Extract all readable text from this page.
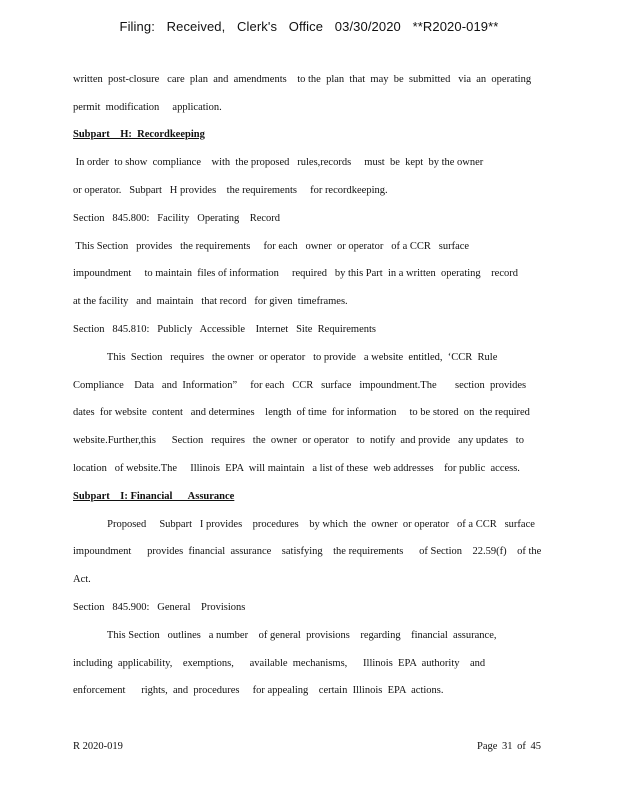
Filing: Received, Clerk's Office 03/30/2020 **R2020-019**
written  post-closure   care  plan  and  amendments    to the  plan  that  may  be  submitted   via  an  operating
permit  modification     application.
Subpart    H:  Recordkeeping
In order  to show  compliance    with  the proposed   rules,records     must  be  kept  by the owner
or operator.   Subpart   H provides    the requirements     for recordkeeping.
Section   845.800:   Facility   Operating    Record
This Section   provides   the requirements     for each   owner  or operator   of a CCR   surface
impoundment     to maintain  files of information     required   by this Part  in a written  operating    record
at the facility   and  maintain   that record   for given  timeframes.
Section   845.810:   Publicly   Accessible    Internet   Site  Requirements
This  Section   requires   the owner  or operator   to provide   a website  entitled,  ‘CCR  Rule
Compliance    Data   and  Information”     for each   CCR   surface   impoundment.The       section  provides
dates  for website  content   and determines    length  of time  for information     to be stored  on  the required
website.Further,this      Section   requires   the  owner  or operator   to  notify  and provide   any updates   to
location   of website.The     Illinois  EPA  will maintain   a list of these  web addresses    for public  access.
Subpart    I: Financial      Assurance
Proposed     Subpart   I provides    procedures    by which  the  owner  or operator   of a CCR   surface
impoundment      provides  financial  assurance    satisfying    the requirements      of Section    22.59(f)    of the
Act.
Section   845.900:   General    Provisions
This Section   outlines   a number    of general  provisions    regarding    financial  assurance,
including  applicability,    exemptions,      available  mechanisms,      Illinois  EPA  authority    and
enforcement      rights,  and  procedures     for appealing    certain  Illinois  EPA  actions.
R 2020-019	Page 31 of 45
